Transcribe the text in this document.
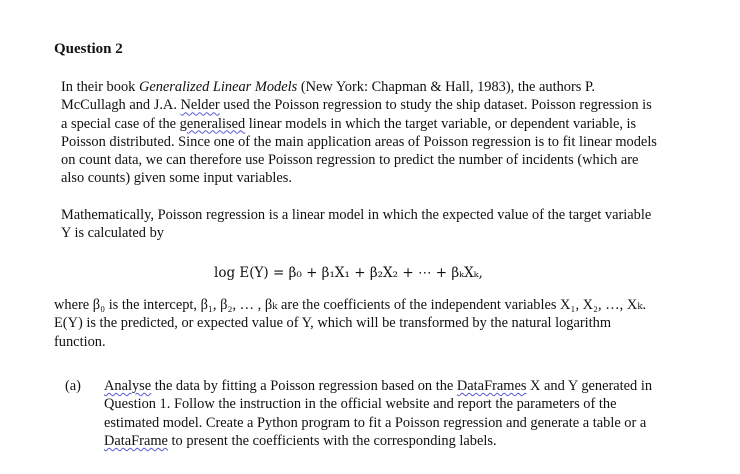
Question 2

In their book Generalized Linear Models (New York: Chapman & Hall, 1983), the authors P. McCullagh and J.A. Nelder used the Poisson regression to study the ship dataset. Poisson regression is a special case of the generalised linear models in which the target variable, or dependent variable, is Poisson distributed. Since one of the main application areas of Poisson regression is to fit linear models on count data, we can therefore use Poisson regression to predict the number of incidents (which are also counts) given some input variables.

Mathematically, Poisson regression is a linear model in which the expected value of the target variable Y is calculated by

log E(Y) = β₀ + β₁X₁ + β₂X₂ + ⋯ + βₖXₖ,

where β₀ is the intercept, β₁, β₂, … , βₖ are the coefficients of the independent variables X₁, X₂, …, Xₖ. E(Y) is the predicted, or expected value of Y, which will be transformed by the natural logarithm function.

(a) Analyse the data by fitting a Poisson regression based on the DataFrames X and Y generated in Question 1. Follow the instruction in the official website and report the parameters of the estimated model. Create a Python program to fit a Poisson regression and generate a table or a DataFrame to present the coefficients with the corresponding labels.
